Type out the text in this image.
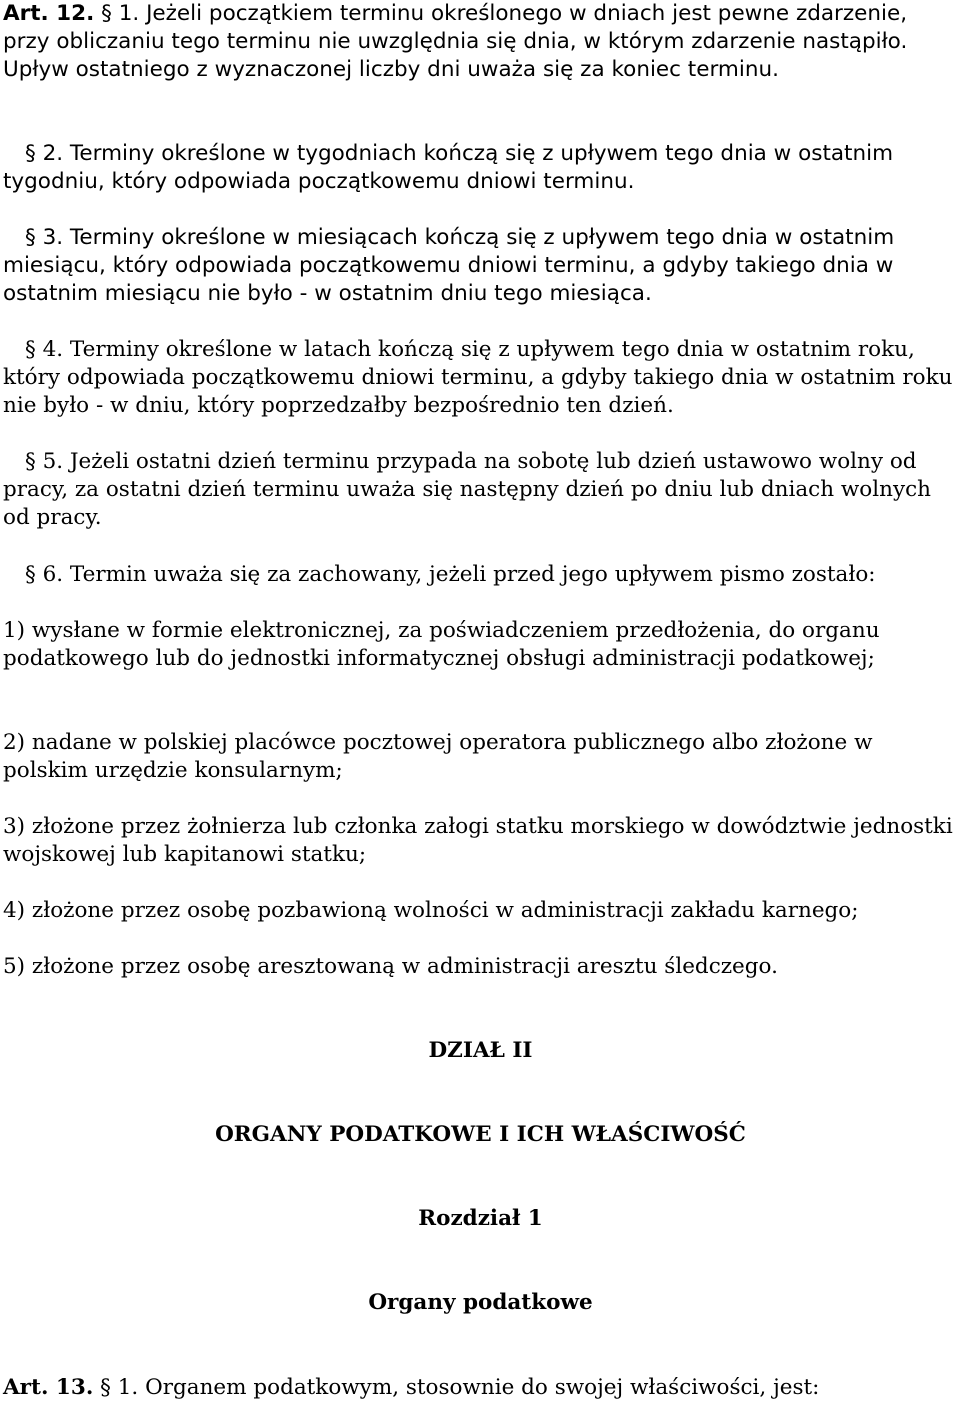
Art. 12. § 1. Jeżeli początkiem terminu określonego w dniach jest pewne zdarzenie, przy obliczaniu tego terminu nie uwzględnia się dnia, w którym zdarzenie nastąpiło. Upływ ostatniego z wyznaczonej liczby dni uważa się za koniec terminu.

§ 2. Terminy określone w tygodniach kończą się z upływem tego dnia w ostatnim tygodniu, który odpowiada początkowemu dniowi terminu.

§ 3. Terminy określone w miesiącach kończą się z upływem tego dnia w ostatnim miesiącu, który odpowiada początkowemu dniowi terminu, a gdyby takiego dnia w ostatnim miesiącu nie było - w ostatnim dniu tego miesiąca.

§ 4. Terminy określone w latach kończą się z upływem tego dnia w ostatnim roku, który odpowiada początkowemu dniowi terminu, a gdyby takiego dnia w ostatnim roku nie było - w dniu, który poprzedzałby bezpośrednio ten dzień.

§ 5. Jeżeli ostatni dzień terminu przypada na sobotę lub dzień ustawowo wolny od pracy, za ostatni dzień terminu uważa się następny dzień po dniu lub dniach wolnych od pracy.

§ 6. Termin uważa się za zachowany, jeżeli przed jego upływem pismo zostało:

1) wysłane w formie elektronicznej, za poświadczeniem przedłożenia, do organu podatkowego lub do jednostki informatycznej obsługi administracji podatkowej;

2) nadane w polskiej placówce pocztowej operatora publicznego albo złożone w polskim urzędzie konsularnym;

3) złożone przez żołnierza lub członka załogi statku morskiego w dowództwie jednostki wojskowej lub kapitanowi statku;

4) złożone przez osobę pozbawioną wolności w administracji zakładu karnego;

5) złożone przez osobę aresztowaną w administracji aresztu śledczego.

DZIAŁ II

ORGANY PODATKOWE I ICH WŁAŚCIWOŚĆ

Rozdział 1

Organy podatkowe

Art. 13. § 1. Organem podatkowym, stosownie do swojej właściwości, jest:
